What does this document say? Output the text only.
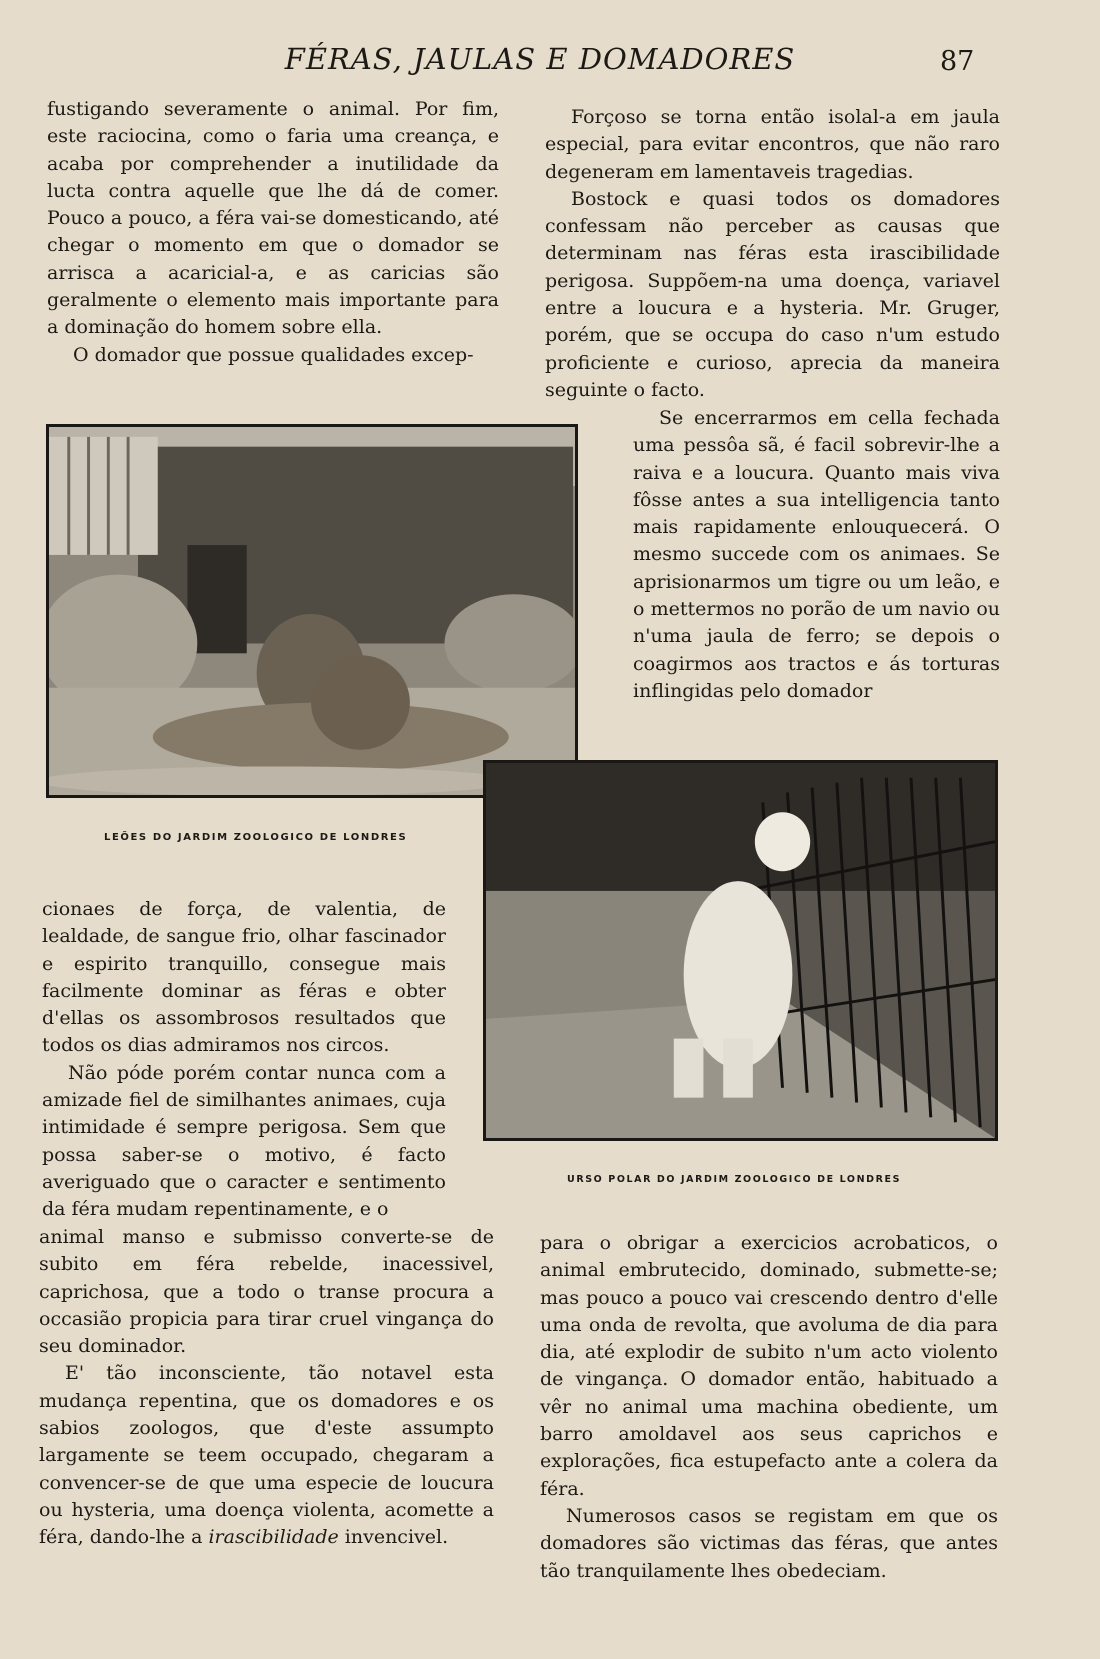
FÉRAS, JAULAS E DOMADORES	87

fustigando severamente o animal. Por fim, este raciocina, como o faria uma creança, e acaba por comprehender a inutilidade da lucta contra aquelle que lhe dá de comer. Pouco a pouco, a féra vai-se domesticando, até chegar o momento em que o domador se arrisca a acaricial-a, e as caricias são geralmente o elemento mais importante para a dominação do homem sobre ella.

O domador que possue qualidades excep-

Forçoso se torna então isolal-a em jaula especial, para evitar encontros, que não raro degeneram em lamentaveis tragedias.

Bostock e quasi todos os domadores confessam não perceber as causas que determinam nas féras esta irascibilidade perigosa. Suppõem-na uma doença, variavel entre a loucura e a hysteria. Mr. Gruger, porém, que se occupa do caso n'um estudo proficiente e curioso, aprecia da maneira seguinte o facto.

Se encerrarmos em cella fechada uma pessôa sã, é facil sobrevir-lhe a raiva e a loucura. Quanto mais viva fôsse antes a sua intelligencia tanto mais rapidamente enlouquecerá. O mesmo succede com os animaes. Se aprisionarmos um tigre ou um leão, e o mettermos no porão de um navio ou n'uma jaula de ferro; se depois o coagirmos aos tractos e ás torturas inflingidas pelo domador

LEÕES DO JARDIM ZOOLOGICO DE LONDRES
URSO POLAR DO JARDIM ZOOLOGICO DE LONDRES

cionaes de força, de valentia, de lealdade, de sangue frio, olhar fascinador e espirito tranquillo, consegue mais facilmente dominar as féras e obter d'ellas os assombrosos resultados que todos os dias admiramos nos circos.

Não póde porém contar nunca com a amizade fiel de similhantes animaes, cuja intimidade é sempre perigosa. Sem que possa saber-se o motivo, é facto averiguado que o caracter e sentimento da féra mudam repentinamente, e o

animal manso e submisso converte-se de subito em féra rebelde, inacessivel, caprichosa, que a todo o transe procura a occasião propicia para tirar cruel vingança do seu dominador.

E' tão inconsciente, tão notavel esta mudança repentina, que os domadores e os sabios zoologos, que d'este assumpto largamente se teem occupado, chegaram a convencer-se de que uma especie de loucura ou hysteria, uma doença violenta, acomette a féra, dando-lhe a irascibilidade invencivel.

para o obrigar a exercicios acrobaticos, o animal embrutecido, dominado, submette-se; mas pouco a pouco vai crescendo dentro d'elle uma onda de revolta, que avoluma de dia para dia, até explodir de subito n'um acto violento de vingança. O domador então, habituado a vêr no animal uma machina obediente, um barro amoldavel aos seus caprichos e explorações, fica estupefacto ante a colera da féra.

Numerosos casos se registam em que os domadores são victimas das féras, que antes tão tranquilamente lhes obedeciam.
